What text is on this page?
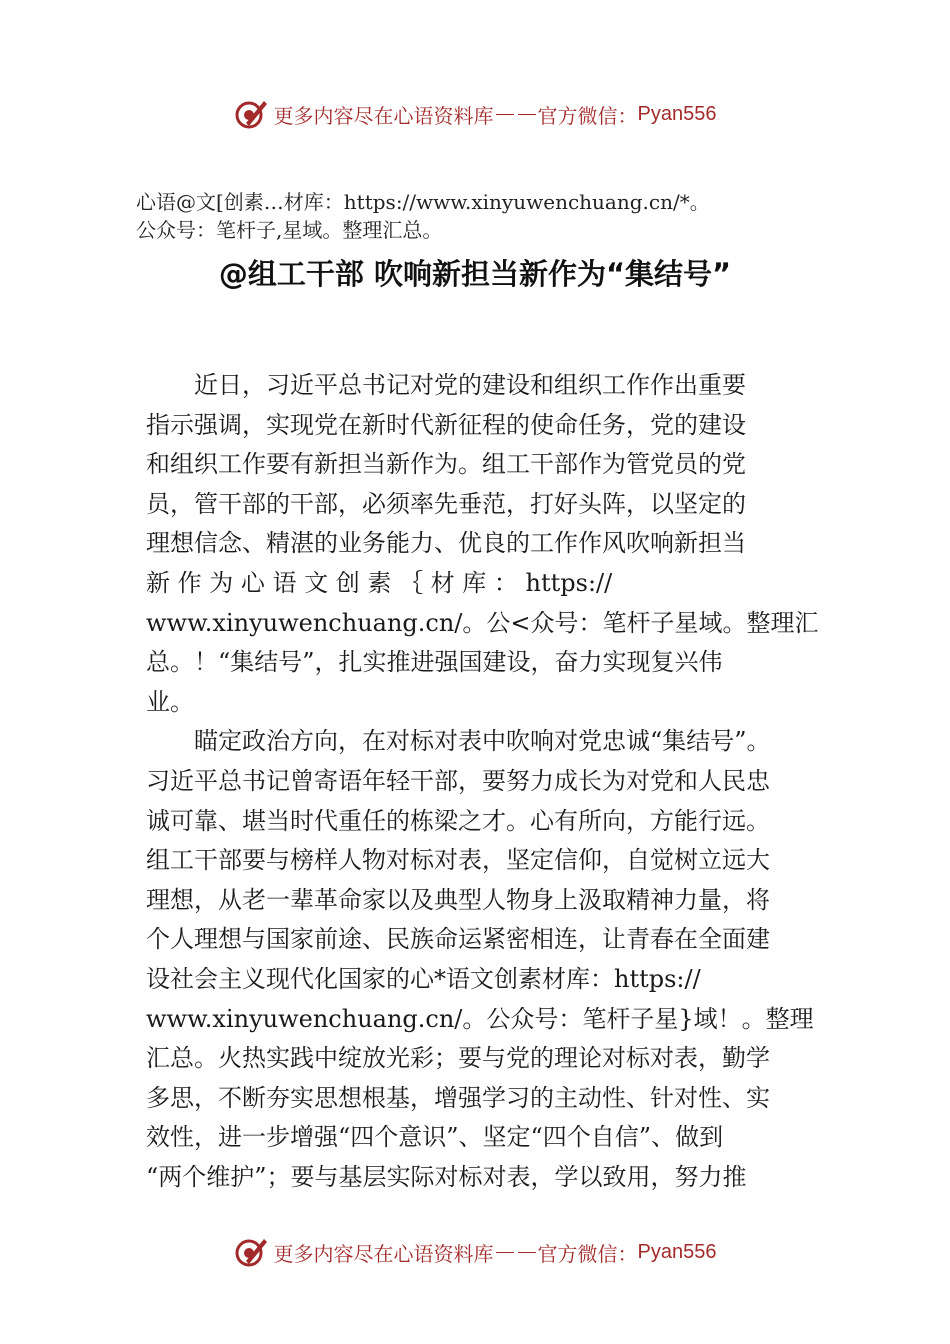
更多内容尽在心语资料库 官方微信： Pyan556
心语@文[创素…材库：https://www.xinyuwenchuang.cn/*。
公众号：笔杆子,星域。整理汇总。
@组工干部 吹响新担当新作为“集结号”
近日，习近平总书记对党的建设和组织工作作出重要
指示强调，实现党在新时代新征程的使命任务，党的建设
和组织工作要有新担当新作为。组工干部作为管党员的党
员，管干部的干部，必须率先垂范，打好头阵，以坚定的
理想信念、精湛的业务能力、优良的工作作风吹响新担当
新 作 为 心 语 文 创 素 ｛ 材 库 ： https://
www.xinyuwenchuang.cn/。公<众号：笔杆子星域。整理汇
总。！“集结号”，扎实推进强国建设，奋力实现复兴伟
业。
瞄定政治方向，在对标对表中吹响对党忠诚“集结号”。
习近平总书记曾寄语年轻干部，要努力成长为对党和人民忠
诚可靠、堪当时代重任的栋梁之才。心有所向，方能行远。
组工干部要与榜样人物对标对表，坚定信仰，自觉树立远大
理想，从老一辈革命家以及典型人物身上汲取精神力量，将
个人理想与国家前途、民族命运紧密相连，让青春在全面建
设社会主义现代化国家的心*语文创素材库：https://
www.xinyuwenchuang.cn/。公众号：笔杆子星}域！。整理
汇总。火热实践中绽放光彩；要与党的理论对标对表，勤学
多思，不断夯实思想根基，增强学习的主动性、针对性、实
效性，进一步增强“四个意识”、坚定“四个自信”、做到
“两个维护”；要与基层实际对标对表，学以致用，努力推
更多内容尽在心语资料库 官方微信： Pyan556
